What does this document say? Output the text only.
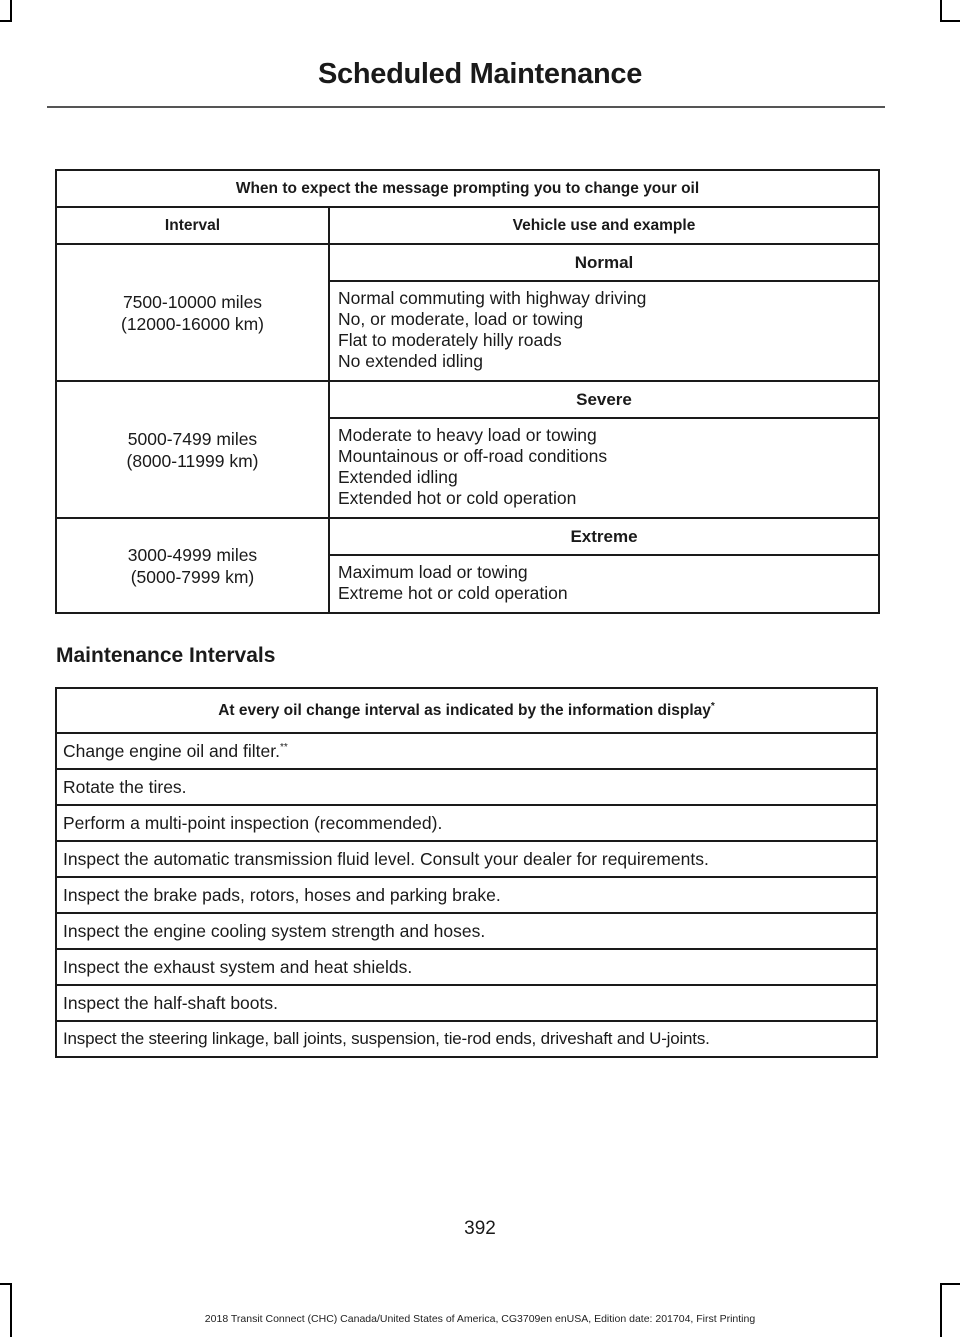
Scheduled Maintenance
When to expect the message prompting you to change your oil	
Interval	Vehicle use and example

7500-10000 miles
(12000-16000 km)	Normal

	Normal commuting with highway driving
No, or moderate, load or towing
Flat to moderately hilly roads
No extended idling

5000-7499 miles
(8000-11999 km)	Severe

	Moderate to heavy load or towing
Mountainous or off-road conditions
Extended idling
Extended hot or cold operation

3000-4999 miles
(5000-7999 km)	Extreme

	Maximum load or towing
Extreme hot or cold operation
Maintenance Intervals
At every oil change interval as indicated by the information display*
Change engine oil and filter.**
Rotate the tires.
Perform a multi-point inspection (recommended).
Inspect the automatic transmission fluid level. Consult your dealer for requirements.
Inspect the brake pads, rotors, hoses and parking brake.
Inspect the engine cooling system strength and hoses.
Inspect the exhaust system and heat shields.
Inspect the half-shaft boots.
Inspect the steering linkage, ball joints, suspension, tie-rod ends, driveshaft and U-joints.
392
2018 Transit Connect (CHC) Canada/United States of America, CG3709en enUSA, Edition date: 201704, First Printing
